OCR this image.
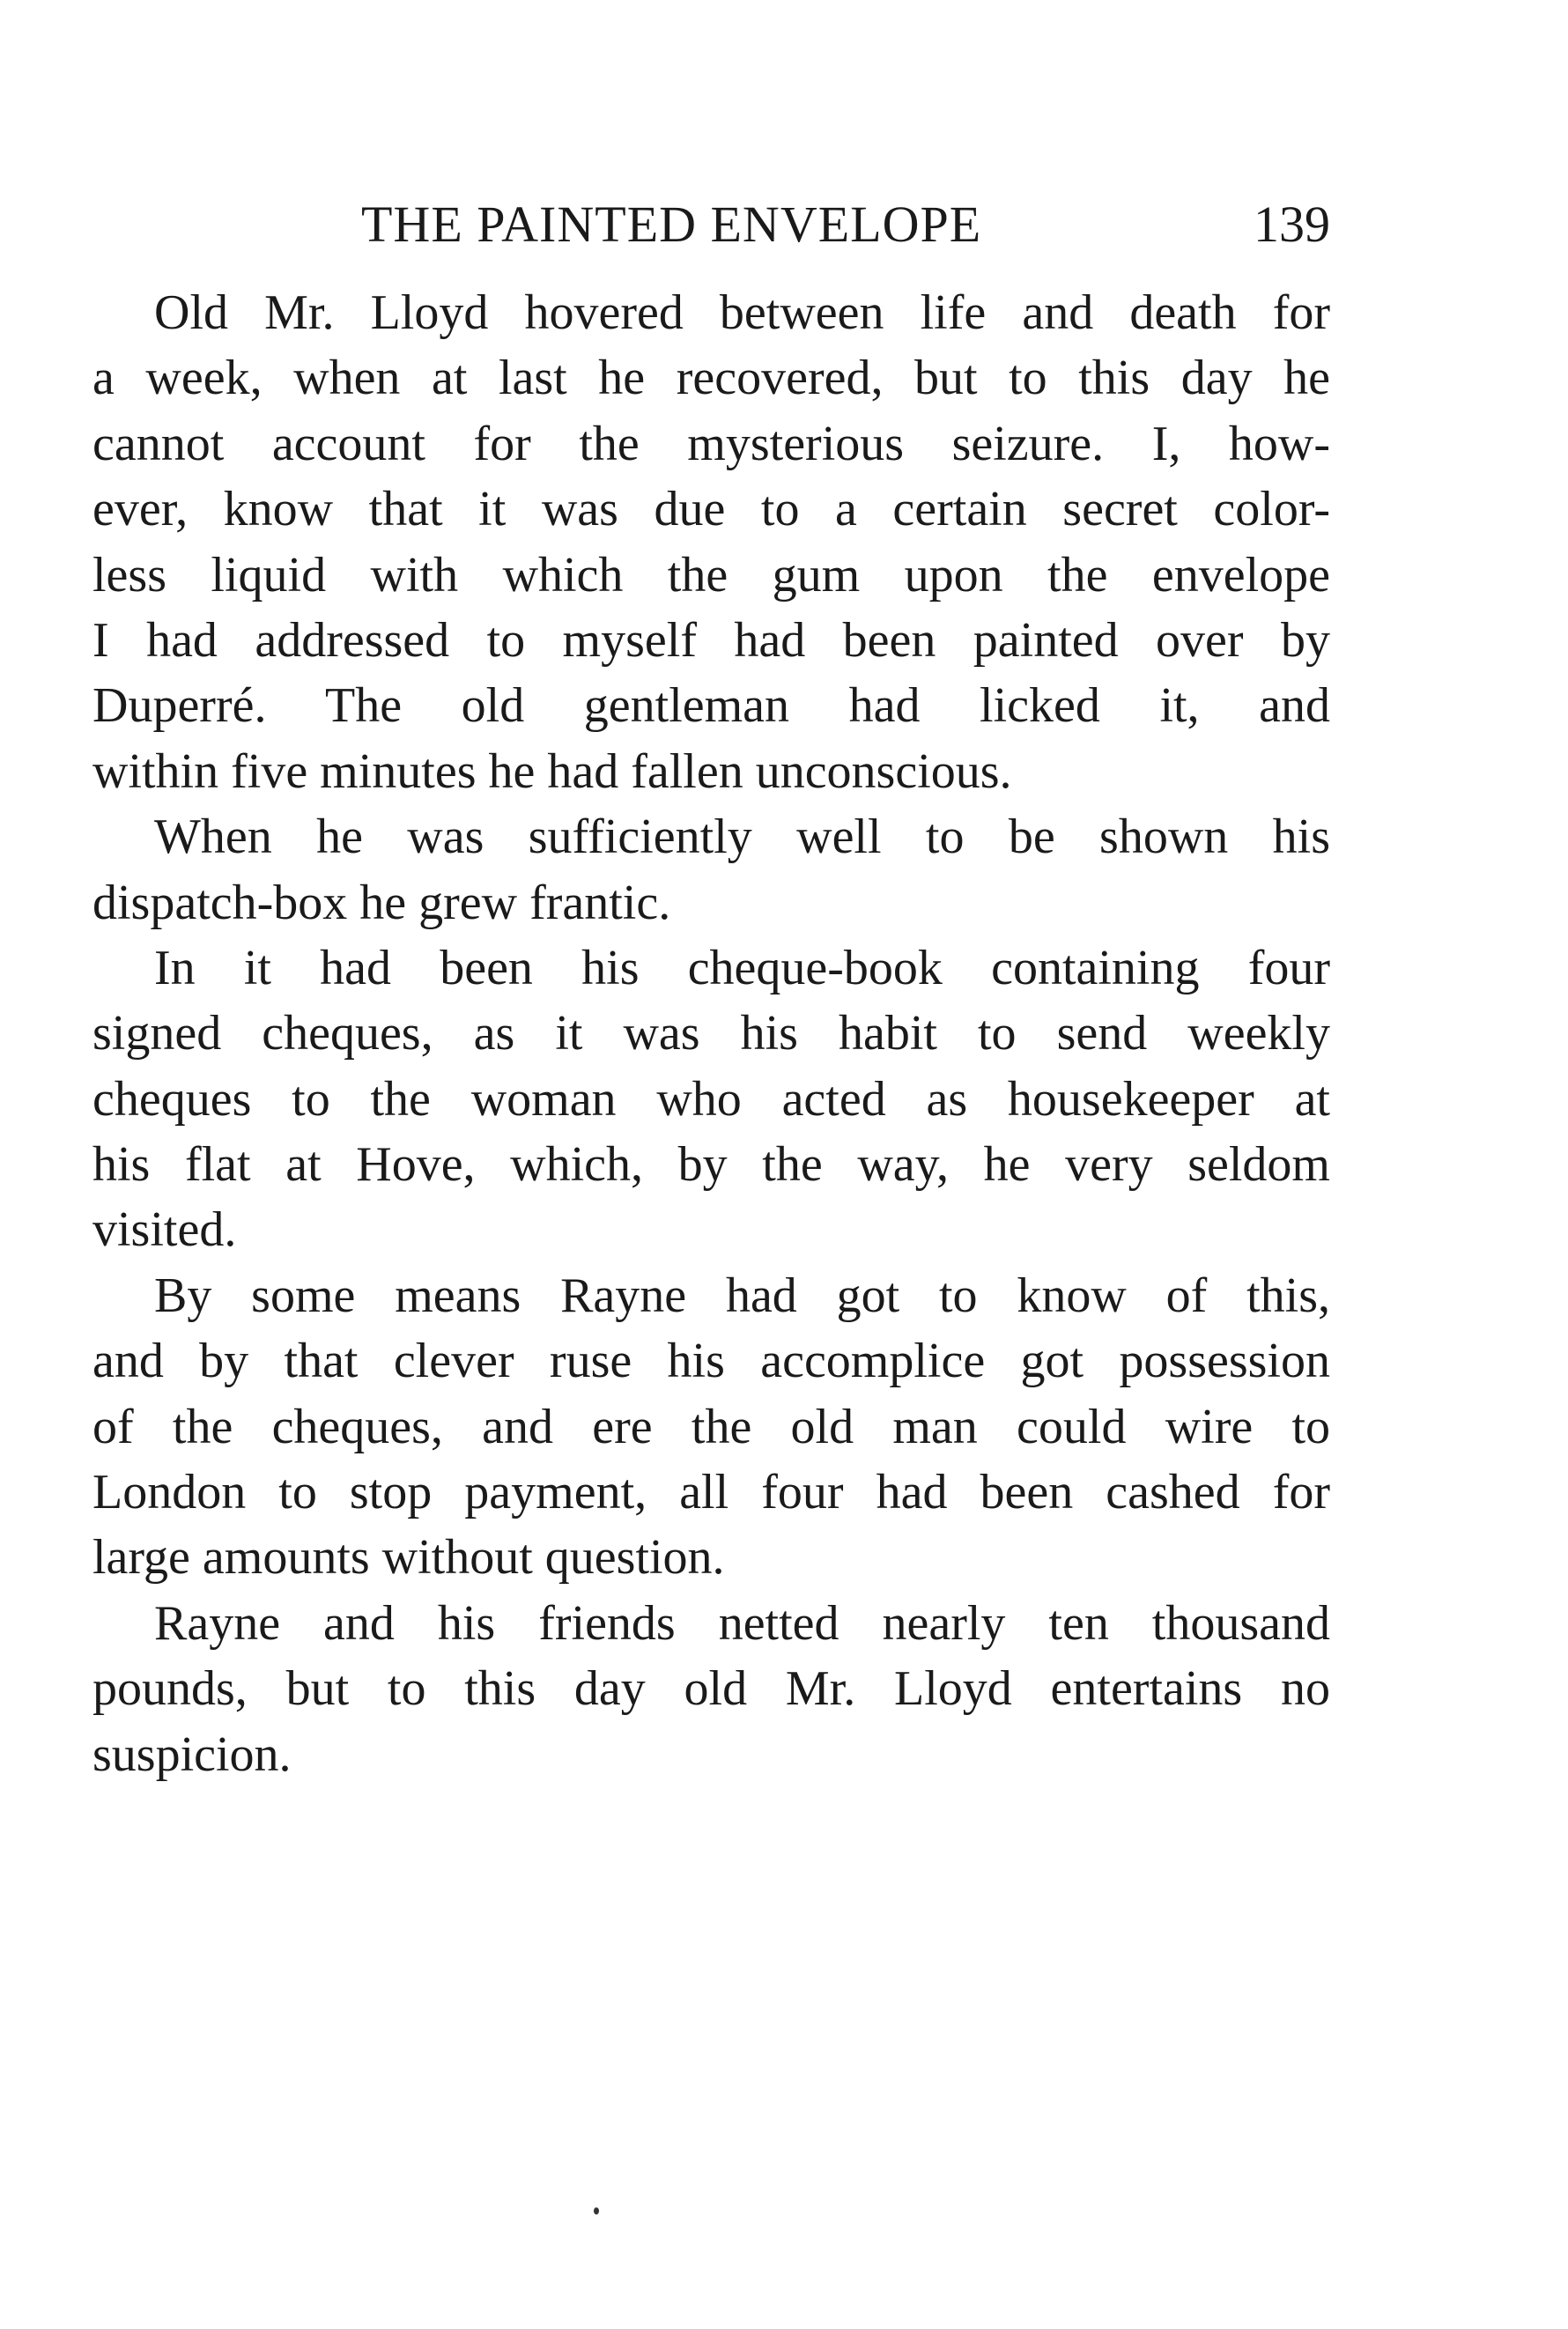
THE PAINTED ENVELOPE	139
Old Mr. Lloyd hovered between life and death for
a week, when at last he recovered, but to this day he
cannot account for the mysterious seizure. I, how-
ever, know that it was due to a certain secret color-
less liquid with which the gum upon the envelope
I had addressed to myself had been painted over by
Duperré. The old gentleman had licked it, and
within five minutes he had fallen unconscious.
When he was sufficiently well to be shown his
dispatch-box he grew frantic.
In it had been his cheque-book containing four
signed cheques, as it was his habit to send weekly
cheques to the woman who acted as housekeeper at
his flat at Hove, which, by the way, he very seldom
visited.
By some means Rayne had got to know of this,
and by that clever ruse his accomplice got possession
of the cheques, and ere the old man could wire to
London to stop payment, all four had been cashed for
large amounts without question.
Rayne and his friends netted nearly ten thousand
pounds, but to this day old Mr. Lloyd entertains no
suspicion.
